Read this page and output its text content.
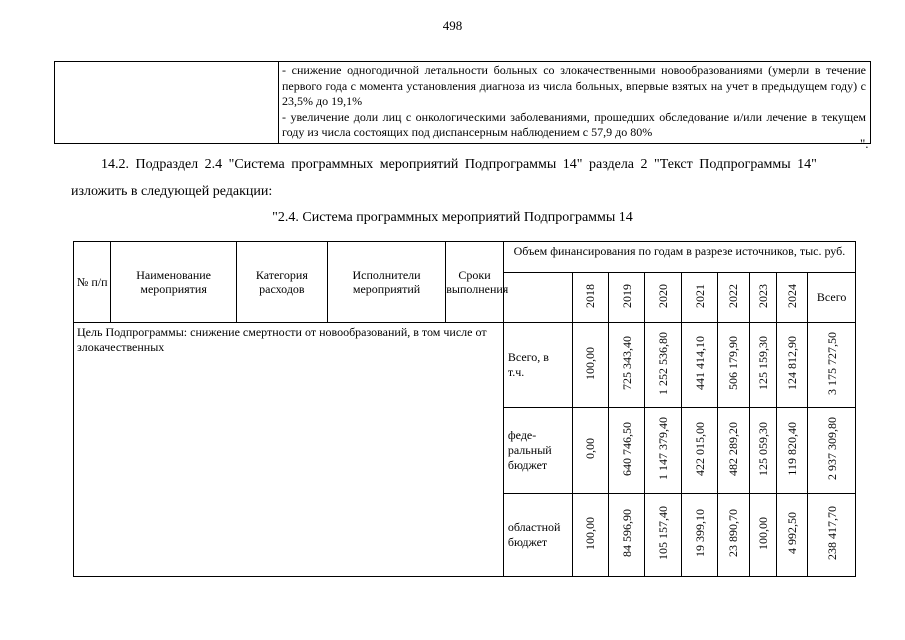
498

- снижение одногодичной летальности больных со злокачественными новообразованиями (умерли в течение первого года с момента установления диагноза из числа больных, впервые взятых на учет в предыдущем году) с 23,5% до 19,1%
- увеличение доли лиц с онкологическими заболеваниями, прошедших обследование и/или лечение в текущем году из числа состоящих под диспансерным наблюдением с 57,9 до 80%
".
14.2. Подраздел 2.4 "Система программных мероприятий Подпрограммы 14" раздела 2 "Текст Подпрограммы 14"
изложить в следующей редакции:
"2.4. Система программных мероприятий Подпрограммы 14
№ п/п	Наименование мероприятия	Категория расходов	Исполнители мероприятий	Сроки выполнения	Объем финансирования по годам в разрезе источников, тыс. руб.								
						2018	2019	2020	2021	2022	2023	2024	Всего
Цель Подпрограммы: снижение смертности от новообразований, в том числе от злокачественных					Всего, в т.ч.	100,00	725 343,40	1 252 536,80	441 414,10	506 179,90	125 159,30	124 812,90	3 175 727,50
					феде-ральный бюджет	0,00	640 746,50	1 147 379,40	422 015,00	482 289,20	125 059,30	119 820,40	2 937 309,80
					областной бюджет	100,00	84 596,90	105 157,40	19 399,10	23 890,70	100,00	4 992,50	238 417,70
